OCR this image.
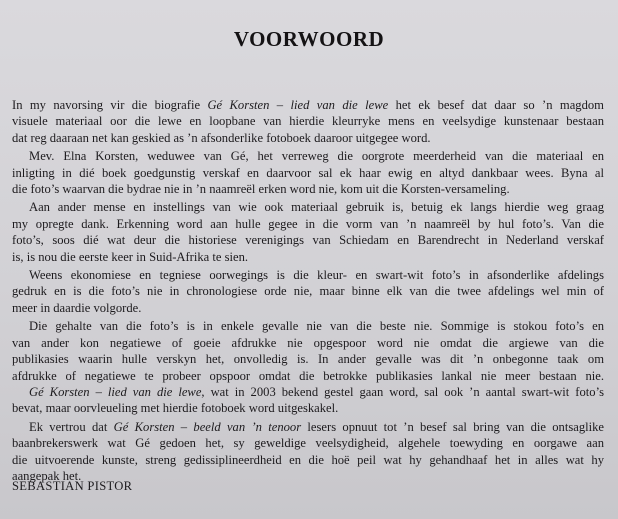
VOORWOORD
In my navorsing vir die biografie Gé Korsten – lied van die lewe het ek besef dat daar so ’n magdom
visuele materiaal oor die lewe en loopbane van hierdie kleurryke mens en veelsydige kunstenaar bestaan
dat reg daaraan net kan geskied as ’n afsonderlike fotoboek daaroor uitgegee word.
Mev. Elna Korsten, weduwee van Gé, het verreweg die oorgrote meerderheid van die materiaal en
inligting in dié boek goedgunstig verskaf en daarvoor sal ek haar ewig en altyd dankbaar wees. Byna al
die foto’s waarvan die bydrae nie in ’n naamreël erken word nie, kom uit die Korsten-versameling.
Aan ander mense en instellings van wie ook materiaal gebruik is, betuig ek langs hierdie weg graag
my opregte dank. Erkenning word aan hulle gegee in die vorm van ’n naamreël by hul foto’s. Van die
foto’s, soos dié wat deur die historiese verenigings van Schiedam en Barendrecht in Nederland verskaf
is, is nou die eerste keer in Suid-Afrika te sien.
Weens ekonomiese en tegniese oorwegings is die kleur- en swart-wit foto’s in afsonderlike afdelings
gedruk en is die foto’s nie in chronologiese orde nie, maar binne elk van die twee afdelings wel min of
meer in daardie volgorde.
Die gehalte van die foto’s is in enkele gevalle nie van die beste nie. Sommige is stokou foto’s en
van ander kon negatiewe of goeie afdrukke nie opgespoor word nie omdat die argiewe van die
publikasies waarin hulle verskyn het, onvolledig is. In ander gevalle was dit ’n onbegonne taak om
afdrukke of negatiewe te probeer opspoor omdat die betrokke publikasies lankal nie meer bestaan nie.
Gé Korsten – lied van die lewe, wat in 2003 bekend gestel gaan word, sal ook ’n aantal swart-wit foto’s
bevat, maar oorvleueling met hierdie fotoboek word uitgeskakel.
Ek vertrou dat Gé Korsten – beeld van ’n tenoor lesers opnuut tot ’n besef sal bring van die ontsaglike
baanbrekerswerk wat Gé gedoen het, sy geweldige veelsydigheid, algehele toewyding en oorgawe aan
die uitvoerende kunste, streng gedissiplineerdheid en die hoë peil wat hy gehandhaaf het in alles wat hy
aangepak het.
SEBASTIAN PISTOR
